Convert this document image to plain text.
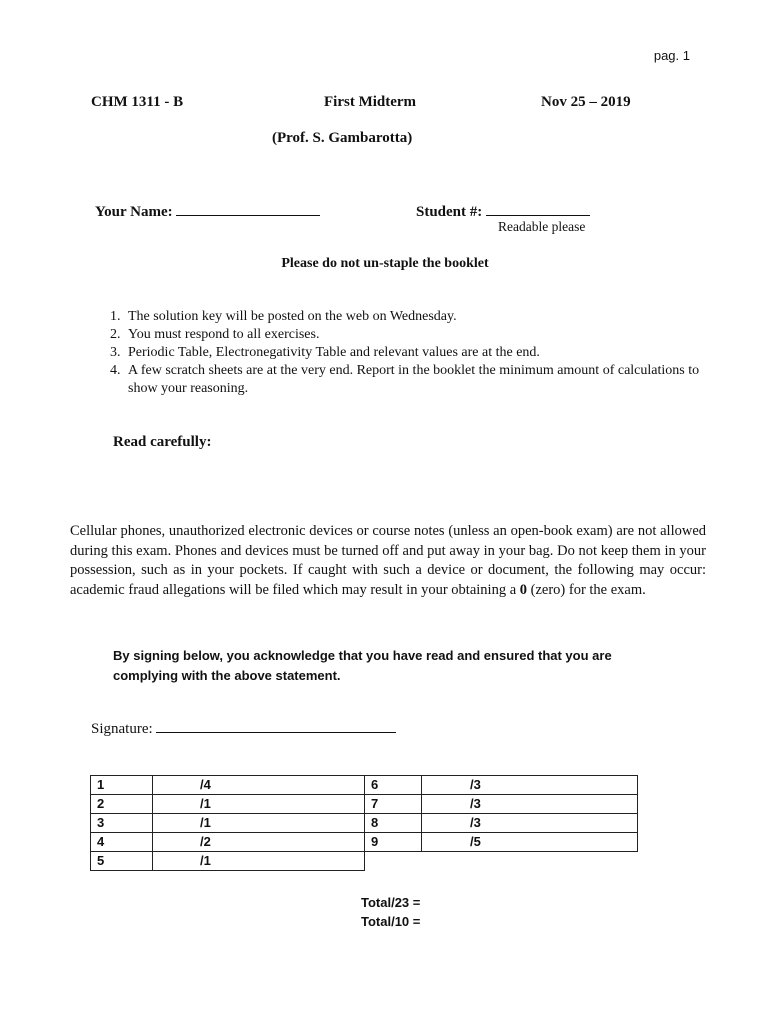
pag. 1
CHM 1311 - B	First Midterm	Nov 25 – 2019
(Prof. S. Gambarotta)
Your Name:	Student #:
Readable please
Please do not un-staple the booklet
1. The solution key will be posted on the web on Wednesday.
2. You must respond to all exercises.
3. Periodic Table, Electronegativity Table and relevant values are at the end.
4. A few scratch sheets are at the very end. Report in the booklet the minimum amount of calculations to show your reasoning.
Read carefully:
Cellular phones, unauthorized electronic devices or course notes (unless an open-book exam) are not allowed during this exam. Phones and devices must be turned off and put away in your bag. Do not keep them in your possession, such as in your pockets. If caught with such a device or document, the following may occur: academic fraud allegations will be filed which may result in your obtaining a 0 (zero) for the exam.
By signing below, you acknowledge that you have read and ensured that you are complying with the above statement.
Signature:
1	/4	6	/3
2	/1	7	/3
3	/1	8	/3
4	/2	9	/5
5	/1		
Total/23 =
Total/10 =
